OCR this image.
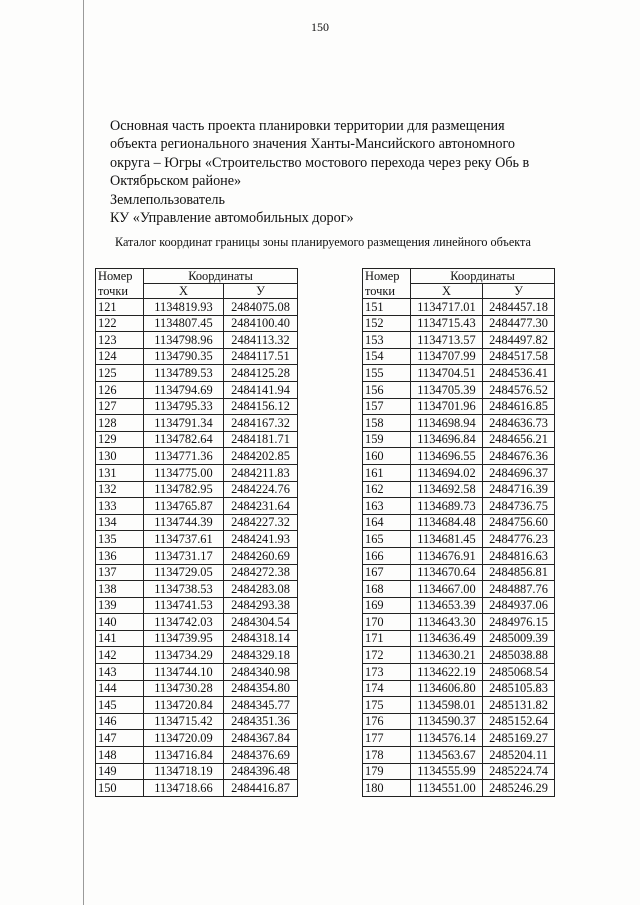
150
Основная часть проекта планировки территории для размещения
объекта регионального значения Ханты-Мансийского автономного
округа – Югры «Строительство мостового перехода через реку Обь в
Октябрьском районе»
Землепользователь
КУ «Управление автомобильных дорог»
Каталог координат границы зоны планируемого размещения линейного объекта
Номер	Координаты	
точки	X	У
121	1134819.93	2484075.08
122	1134807.45	2484100.40
123	1134798.96	2484113.32
124	1134790.35	2484117.51
125	1134789.53	2484125.28
126	1134794.69	2484141.94
127	1134795.33	2484156.12
128	1134791.34	2484167.32
129	1134782.64	2484181.71
130	1134771.36	2484202.85
131	1134775.00	2484211.83
132	1134782.95	2484224.76
133	1134765.87	2484231.64
134	1134744.39	2484227.32
135	1134737.61	2484241.93
136	1134731.17	2484260.69
137	1134729.05	2484272.38
138	1134738.53	2484283.08
139	1134741.53	2484293.38
140	1134742.03	2484304.54
141	1134739.95	2484318.14
142	1134734.29	2484329.18
143	1134744.10	2484340.98
144	1134730.28	2484354.80
145	1134720.84	2484345.77
146	1134715.42	2484351.36
147	1134720.09	2484367.84
148	1134716.84	2484376.69
149	1134718.19	2484396.48
150	1134718.66	2484416.87
Номер	Координаты	
точки	X	У
151	1134717.01	2484457.18
152	1134715.43	2484477.30
153	1134713.57	2484497.82
154	1134707.99	2484517.58
155	1134704.51	2484536.41
156	1134705.39	2484576.52
157	1134701.96	2484616.85
158	1134698.94	2484636.73
159	1134696.84	2484656.21
160	1134696.55	2484676.36
161	1134694.02	2484696.37
162	1134692.58	2484716.39
163	1134689.73	2484736.75
164	1134684.48	2484756.60
165	1134681.45	2484776.23
166	1134676.91	2484816.63
167	1134670.64	2484856.81
168	1134667.00	2484887.76
169	1134653.39	2484937.06
170	1134643.30	2484976.15
171	1134636.49	2485009.39
172	1134630.21	2485038.88
173	1134622.19	2485068.54
174	1134606.80	2485105.83
175	1134598.01	2485131.82
176	1134590.37	2485152.64
177	1134576.14	2485169.27
178	1134563.67	2485204.11
179	1134555.99	2485224.74
180	1134551.00	2485246.29
